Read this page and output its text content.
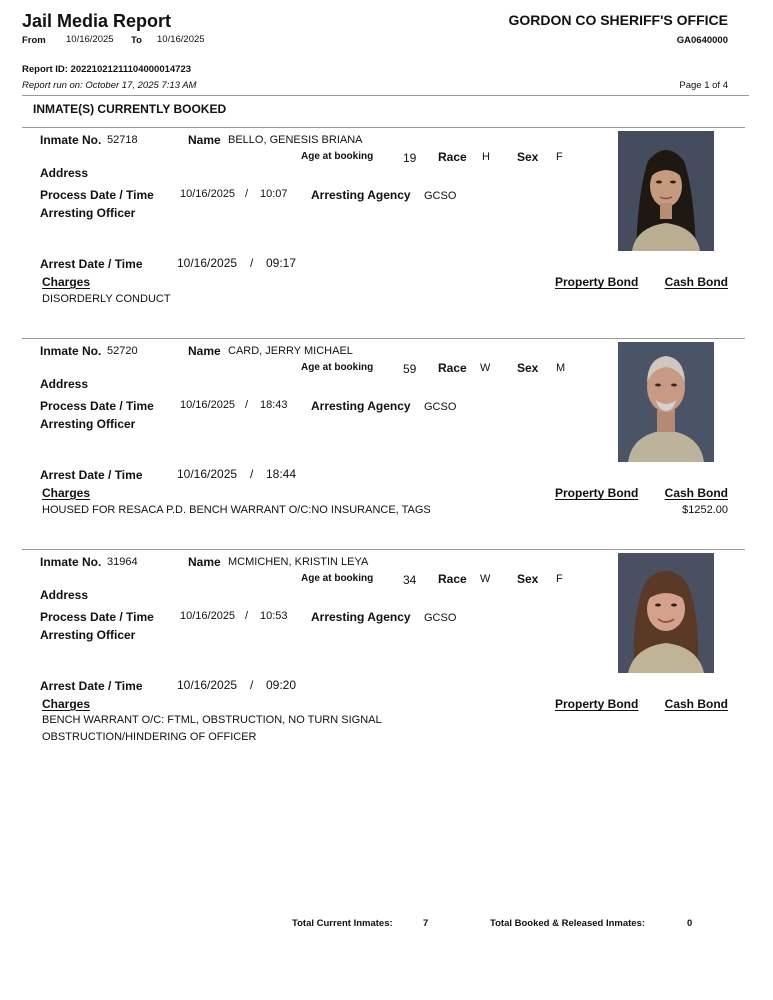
Jail Media Report	GORDON CO SHERIFF'S OFFICE
From 10/16/2025 To 10/16/2025	GA0640000
Report ID: 20221021211104000014723
Report run on: October 17, 2025 7:13 AM	Page 1 of 4
INMATE(S) CURRENTLY BOOKED
Inmate No. 52718	Name BELLO, GENESIS BRIANA
Age at booking 19 Race H Sex F
Address
Process Date / Time 10/16/2025 / 10:07 Arresting Agency GCSO
Arresting Officer
Arrest Date / Time	10/16/2025 / 09:17
Charges	Property Bond Cash Bond
DISORDERLY CONDUCT
Inmate No. 52720	Name CARD, JERRY MICHAEL
Age at booking 59 Race W Sex M
Address
Process Date / Time 10/16/2025 / 18:43 Arresting Agency GCSO
Arresting Officer
Arrest Date / Time	10/16/2025 / 18:44
Charges	Property Bond Cash Bond
HOUSED FOR RESACA P.D. BENCH WARRANT O/C:NO INSURANCE, TAGS	$1252.00
Inmate No. 31964	Name MCMICHEN, KRISTIN LEYA
Age at booking 34 Race W Sex F
Address
Process Date / Time 10/16/2025 / 10:53 Arresting Agency GCSO
Arresting Officer
Arrest Date / Time	10/16/2025 / 09:20
Charges	Property Bond Cash Bond
BENCH WARRANT O/C: FTML, OBSTRUCTION, NO TURN SIGNAL
OBSTRUCTION/HINDERING OF OFFICER
Total Current Inmates:	7	Total Booked & Released Inmates:	0
